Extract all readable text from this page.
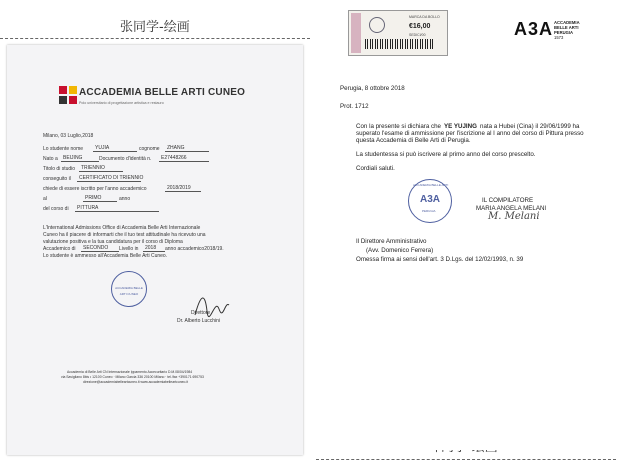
张同学-绘画
ACCADEMIA BELLE ARTI CUNEO
Polo universitario di progettazione artistica e restauro
Milano, 03 Luglio,2018
Lo studente nome	YUJIA	cognome	ZHANG
Nato a	BEIJING	Documento d'identità n.	E27448266
Titolo di studio	TRIENNIO
conseguito il	CERTIFICATO DI TRIENNIO
chiede di essere iscritto per l'anno accademico	2018/2019
al	PRIMO	anno
del corso di	PITTURA
L'International Admissions Office di Accademia Belle Arti Internazionale
Cuneo ha il piacere di informarti che il tuo test attitudinale ha ricevuto una
valutazione positiva e la tua candidatura per il corso di Diploma
Accademico di	SECONDO	Livello in	2018	anno accademico2018/19.
Lo studente è ammesso all'Accademia Belle Arti Cuneo.
ACCADEMIA BELLE ARTI CUNEO
Direttore
Dr. Alberto Lucchini
Accademia di Belle Arti CN Internazionale Ippamento Accecuritario D.M.08/04/1984
via Savigliano 8bis • 12100 Cuneo · Milano Garcia 336 20100 Milano · tel./fax +390171 690753
direzione@accademiabelleartcuneo.it www.accademiabelleartcuneo.it
MARCA DA BOLLO
€16,00
SEDICI/00	A3A ACCADEMIA
BELLE ARTI
PERUGIA
1573
Perugia, 8 ottobre 2018
Prot. 1712
Con la presente si dichiara che YE YUJING nata a Hubei (Cina) il 29/06/1999 ha
superato l'esame di ammissione per l'iscrizione al I anno del corso di Pittura presso
questa Accademia di Belle Arti di Perugia.
La studentessa si può iscrivere al primo anno del corso prescelto.
Cordiali saluti.
ACCADEMIA BELLE ARTI
A3A
PERUGIA
IL COMPILATORE
MARIA ANGELA MELANI
M. Melani
Il Direttore Amministrativo
(Avv. Domenico Ferrera)
Omessa firma ai sensi dell'art. 3 D.Lgs. del 12/02/1993, n. 39
